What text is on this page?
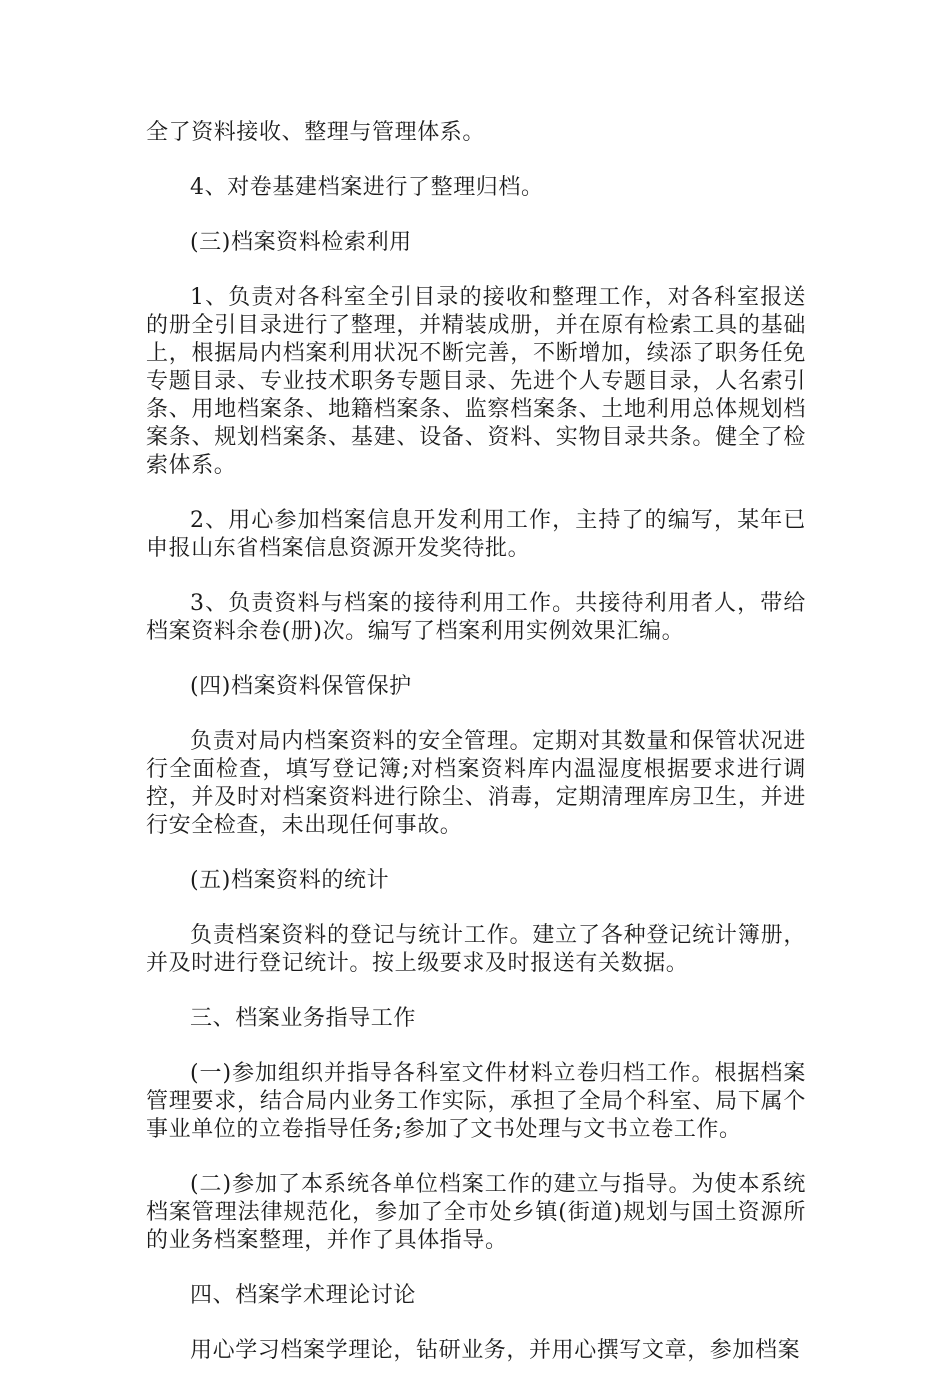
全了资料接收、整理与管理体系。

4、对卷基建档案进行了整理归档。

(三)档案资料检索利用

1、负责对各科室全引目录的接收和整理工作，对各科室报送的册全引目录进行了整理，并精装成册，并在原有检索工具的基础上，根据局内档案利用状况不断完善，不断增加，续添了职务任免专题目录、专业技术职务专题目录、先进个人专题目录，人名索引条、用地档案条、地籍档案条、监察档案条、土地利用总体规划档案条、规划档案条、基建、设备、资料、实物目录共条。健全了检索体系。

2、用心参加档案信息开发利用工作，主持了的编写，某年已申报山东省档案信息资源开发奖待批。

3、负责资料与档案的接待利用工作。共接待利用者人，带给档案资料余卷(册)次。编写了档案利用实例效果汇编。

(四)档案资料保管保护

负责对局内档案资料的安全管理。定期对其数量和保管状况进行全面检查，填写登记簿;对档案资料库内温湿度根据要求进行调控，并及时对档案资料进行除尘、消毒，定期清理库房卫生，并进行安全检查，未出现任何事故。

(五)档案资料的统计

负责档案资料的登记与统计工作。建立了各种登记统计簿册，并及时进行登记统计。按上级要求及时报送有关数据。

三、档案业务指导工作

(一)参加组织并指导各科室文件材料立卷归档工作。根据档案管理要求，结合局内业务工作实际，承担了全局个科室、局下属个事业单位的立卷指导任务;参加了文书处理与文书立卷工作。

(二)参加了本系统各单位档案工作的建立与指导。为使本系统档案管理法律规范化，参加了全市处乡镇(街道)规划与国土资源所的业务档案整理，并作了具体指导。

四、档案学术理论讨论

用心学习档案学理论，钻研业务，并用心撰写文章，参加档案
